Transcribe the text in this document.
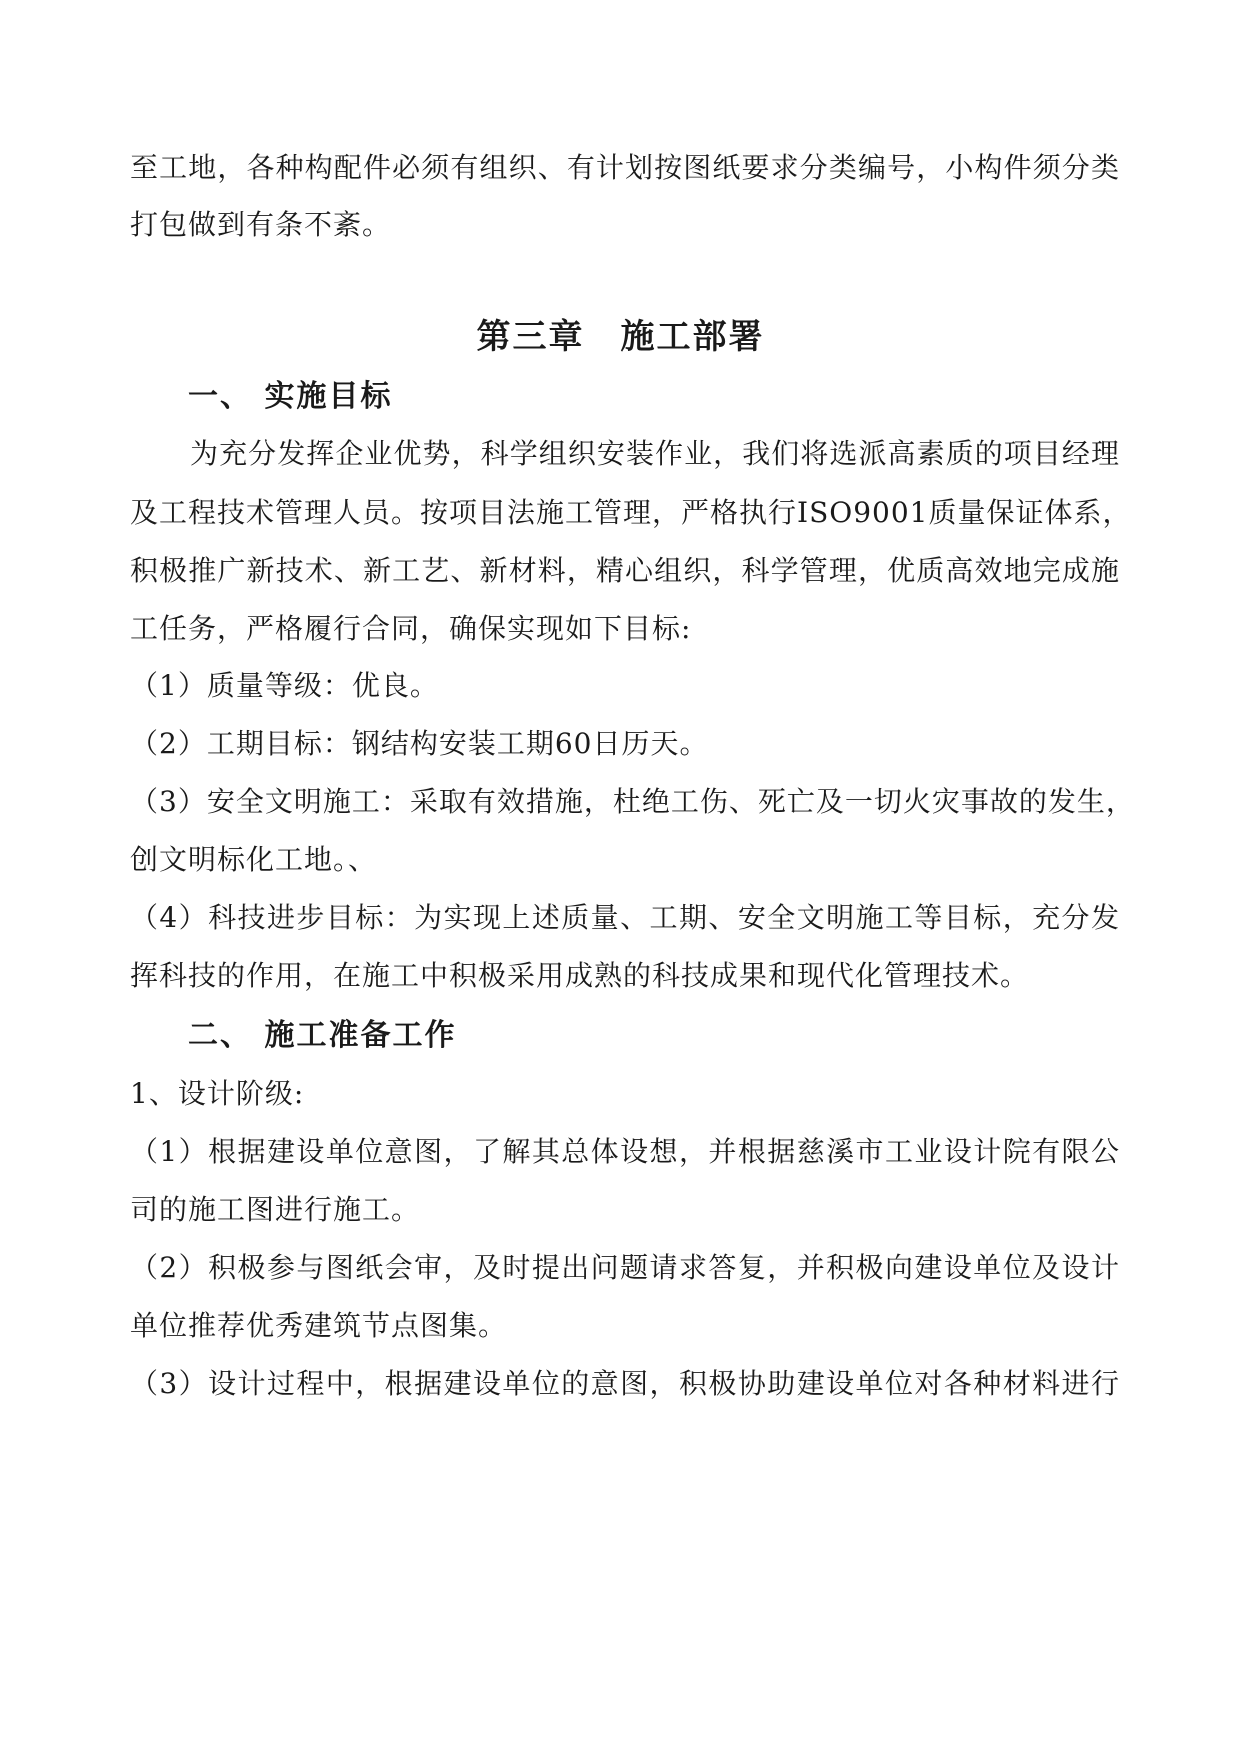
至工地，各种构配件必须有组织、有计划按图纸要求分类编号，小构件须分类
打包做到有条不紊。
第三章　施工部署
一、 实施目标
为充分发挥企业优势，科学组织安装作业，我们将选派高素质的项目经理
及工程技术管理人员。按项目法施工管理，严格执行ISO9001质量保证体系，
积极推广新技术、新工艺、新材料，精心组织，科学管理，优质高效地完成施
工任务，严格履行合同，确保实现如下目标:
（1）质量等级：优良。
（2）工期目标：钢结构安装工期60日历天。
（3）安全文明施工：采取有效措施，杜绝工伤、死亡及一切火灾事故的发生，
创文明标化工地。、
（4）科技进步目标：为实现上述质量、工期、安全文明施工等目标，充分发
挥科技的作用，在施工中积极采用成熟的科技成果和现代化管理技术。
二、 施工准备工作
1、设计阶级:
（1）根据建设单位意图，了解其总体设想，并根据慈溪市工业设计院有限公
司的施工图进行施工。
（2）积极参与图纸会审，及时提出问题请求答复，并积极向建设单位及设计
单位推荐优秀建筑节点图集。
（3）设计过程中，根据建设单位的意图，积极协助建设单位对各种材料进行
